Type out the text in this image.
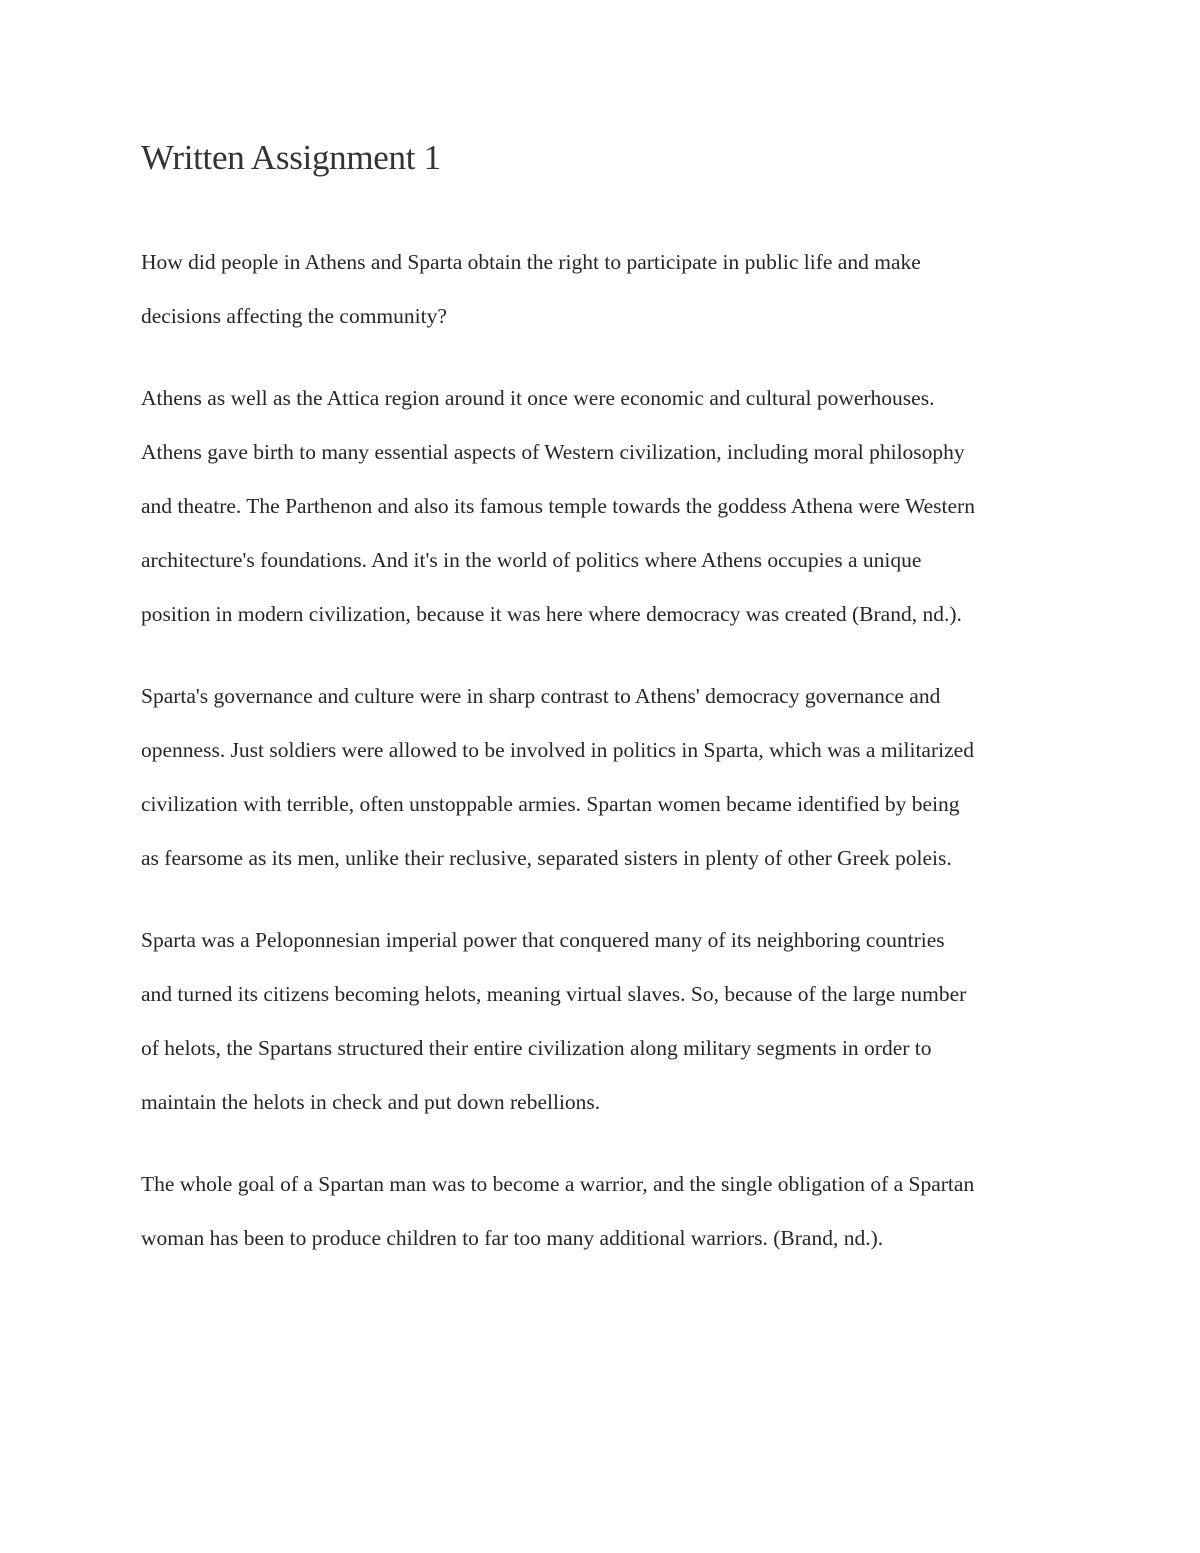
Written Assignment 1

How did people in Athens and Sparta obtain the right to participate in public life and make
decisions affecting the community?

Athens as well as the Attica region around it once were economic and cultural powerhouses.
Athens gave birth to many essential aspects of Western civilization, including moral philosophy
and theatre. The Parthenon and also its famous temple towards the goddess Athena were Western
architecture's foundations. And it's in the world of politics where Athens occupies a unique
position in modern civilization, because it was here where democracy was created (Brand, nd.).

Sparta's governance and culture were in sharp contrast to Athens' democracy governance and
openness. Just soldiers were allowed to be involved in politics in Sparta, which was a militarized
civilization with terrible, often unstoppable armies. Spartan women became identified by being
as fearsome as its men, unlike their reclusive, separated sisters in plenty of other Greek poleis.

Sparta was a Peloponnesian imperial power that conquered many of its neighboring countries
and turned its citizens becoming helots, meaning virtual slaves. So, because of the large number
of helots, the Spartans structured their entire civilization along military segments in order to
maintain the helots in check and put down rebellions.

The whole goal of a Spartan man was to become a warrior, and the single obligation of a Spartan
woman has been to produce children to far too many additional warriors. (Brand, nd.).
